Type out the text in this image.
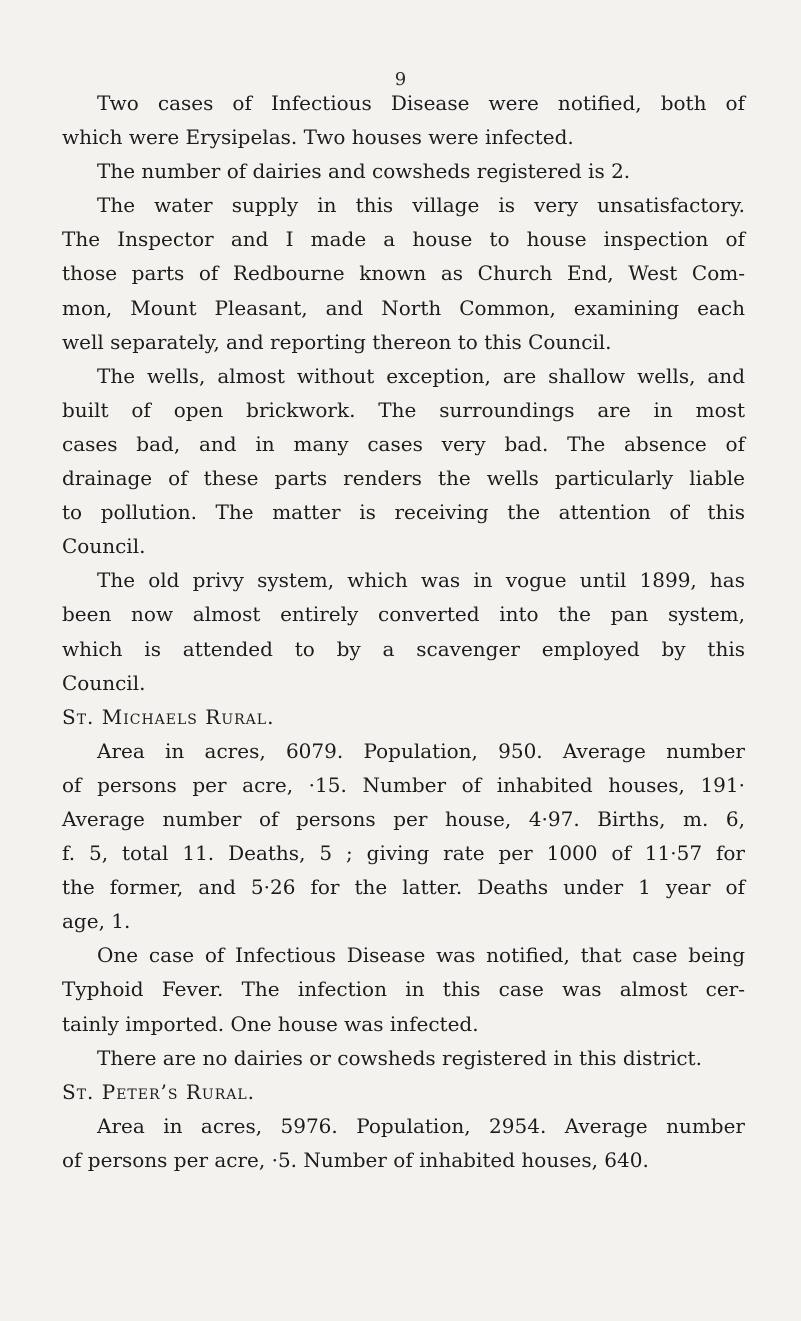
9

Two cases of Infectious Disease were notified, both of
which were Erysipelas. Two houses were infected.

The number of dairies and cowsheds registered is 2.

The water supply in this village is very unsatisfactory.
The Inspector and I made a house to house inspection of
those parts of Redbourne known as Church End, West Com-
mon, Mount Pleasant, and North Common, examining each
well separately, and reporting thereon to this Council.

The wells, almost without exception, are shallow wells, and
built of open brickwork. The surroundings are in most
cases bad, and in many cases very bad. The absence of
drainage of these parts renders the wells particularly liable
to pollution. The matter is receiving the attention of this
Council.

The old privy system, which was in vogue until 1899, has
been now almost entirely converted into the pan system,
which is attended to by a scavenger employed by this
Council.

St. Michaels Rural.

Area in acres, 6079. Population, 950. Average number
of persons per acre, ·15. Number of inhabited houses, 191·
Average number of persons per house, 4·97. Births, m. 6,
f. 5, total 11. Deaths, 5 ; giving rate per 1000 of 11·57 for
the former, and 5·26 for the latter. Deaths under 1 year of
age, 1.

One case of Infectious Disease was notified, that case being
Typhoid Fever. The infection in this case was almost cer-
tainly imported. One house was infected.

There are no dairies or cowsheds registered in this district.

St. Peter’s Rural.

Area in acres, 5976. Population, 2954. Average number
of persons per acre, ·5. Number of inhabited houses, 640.
